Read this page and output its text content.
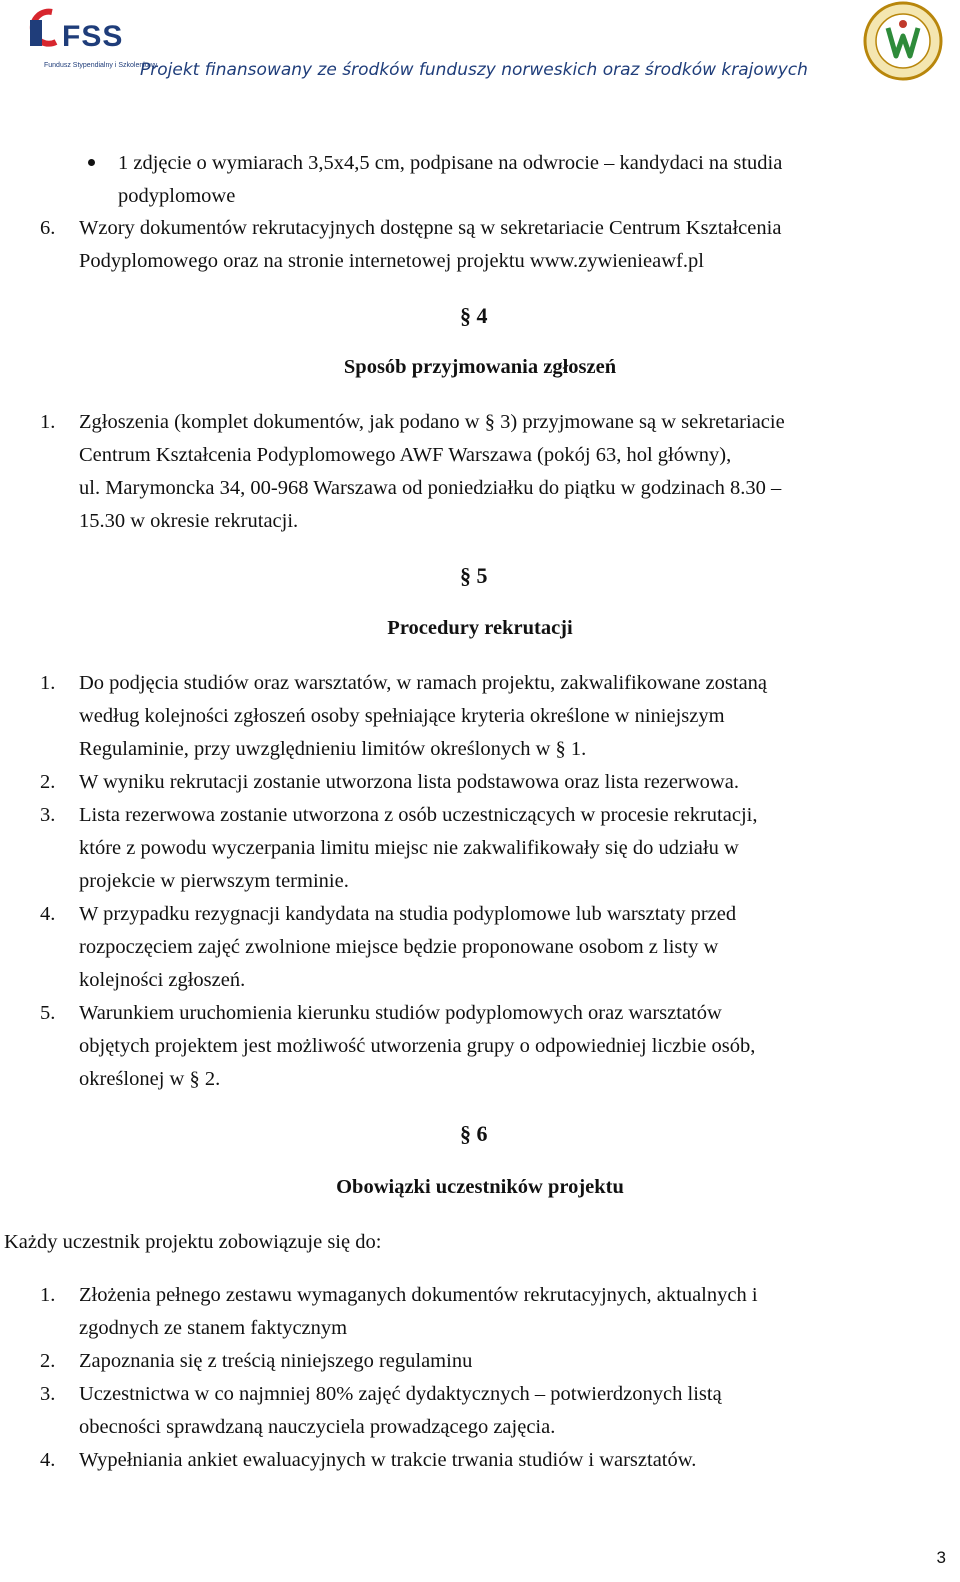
FSS
Fundusz Stypendialny i Szkoleniowy
Projekt finansowany ze środków funduszy norweskich oraz środków krajowych
1 zdjęcie o wymiarach 3,5x4,5 cm, podpisane na odwrocie – kandydaci na studia
podyplomowe
6. Wzory dokumentów rekrutacyjnych dostępne są w sekretariacie Centrum Kształcenia
Podyplomowego oraz na stronie internetowej projektu www.zywienieawf.pl
§ 4
Sposób przyjmowania zgłoszeń
1. Zgłoszenia (komplet dokumentów, jak podano w § 3) przyjmowane są w sekretariacie
Centrum Kształcenia Podyplomowego AWF Warszawa (pokój 63, hol główny),
ul. Marymoncka 34, 00-968 Warszawa od poniedziałku do piątku w godzinach 8.30 –
15.30 w okresie rekrutacji.
§ 5
Procedury rekrutacji
1. Do podjęcia studiów oraz warsztatów, w ramach projektu, zakwalifikowane zostaną
według kolejności zgłoszeń osoby spełniające kryteria określone w niniejszym
Regulaminie, przy uwzględnieniu limitów określonych w § 1.
2. W wyniku rekrutacji zostanie utworzona lista podstawowa oraz lista rezerwowa.
3. Lista rezerwowa zostanie utworzona z osób uczestniczących w procesie rekrutacji,
które z powodu wyczerpania limitu miejsc nie zakwalifikowały się do udziału w
projekcie w pierwszym terminie.
4. W przypadku rezygnacji kandydata na studia podyplomowe lub warsztaty przed
rozpoczęciem zajęć zwolnione miejsce będzie proponowane osobom z listy w
kolejności zgłoszeń.
5. Warunkiem uruchomienia kierunku studiów podyplomowych oraz warsztatów
objętych projektem jest możliwość utworzenia grupy o odpowiedniej liczbie osób,
określonej w § 2.
§ 6
Obowiązki uczestników projektu
Każdy uczestnik projektu zobowiązuje się do:
1. Złożenia pełnego zestawu wymaganych dokumentów rekrutacyjnych, aktualnych i
zgodnych ze stanem faktycznym
2. Zapoznania się z treścią niniejszego regulaminu
3. Uczestnictwa w co najmniej 80% zajęć dydaktycznych – potwierdzonych listą
obecności sprawdzaną nauczyciela prowadzącego zajęcia.
4. Wypełniania ankiet ewaluacyjnych w trakcie trwania studiów i warsztatów.
3
